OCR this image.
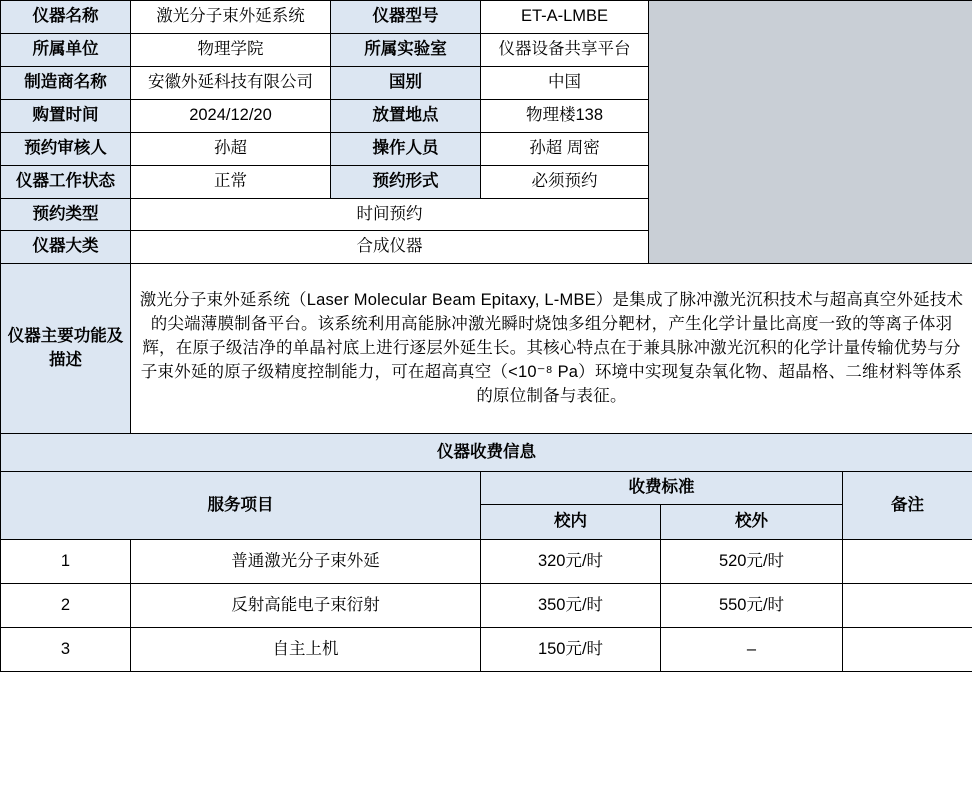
仪器名称	激光分子束外延系统	仪器型号	ET-A-LMBE	

所属单位	物理学院	所属实验室	仪器设备共享平台	
制造商名称	安徽外延科技有限公司	国别	中国	
购置时间	2024/12/20	放置地点	物理楼138	
预约审核人	孙超	操作人员	孙超 周密	
仪器工作状态	正常	预约形式	必须预约	
预约类型	时间预约			
仪器大类	合成仪器			
仪器主要功能及描述	激光分子束外延系统（Laser Molecular Beam Epitaxy, L-MBE）是集成了脉冲激光沉积技术与超高真空外延技术的尖端薄膜制备平台。该系统利用高能脉冲激光瞬时烧蚀多组分靶材，产生化学计量比高度一致的等离子体羽辉，在原子级洁净的单晶衬底上进行逐层外延生长。其核心特点在于兼具脉冲激光沉积的化学计量传输优势与分子束外延的原子级精度控制能力，可在超高真空（<10⁻⁸ Pa）环境中实现复杂氧化物、超晶格、二维材料等体系的原位制备与表征。			
仪器收费信息				
服务项目		收费标准		备注
		校内	校外	
1	普通激光分子束外延	320元/时	520元/时	
2	反射高能电子束衍射	350元/时	550元/时	
3	自主上机	150元/时	–	
